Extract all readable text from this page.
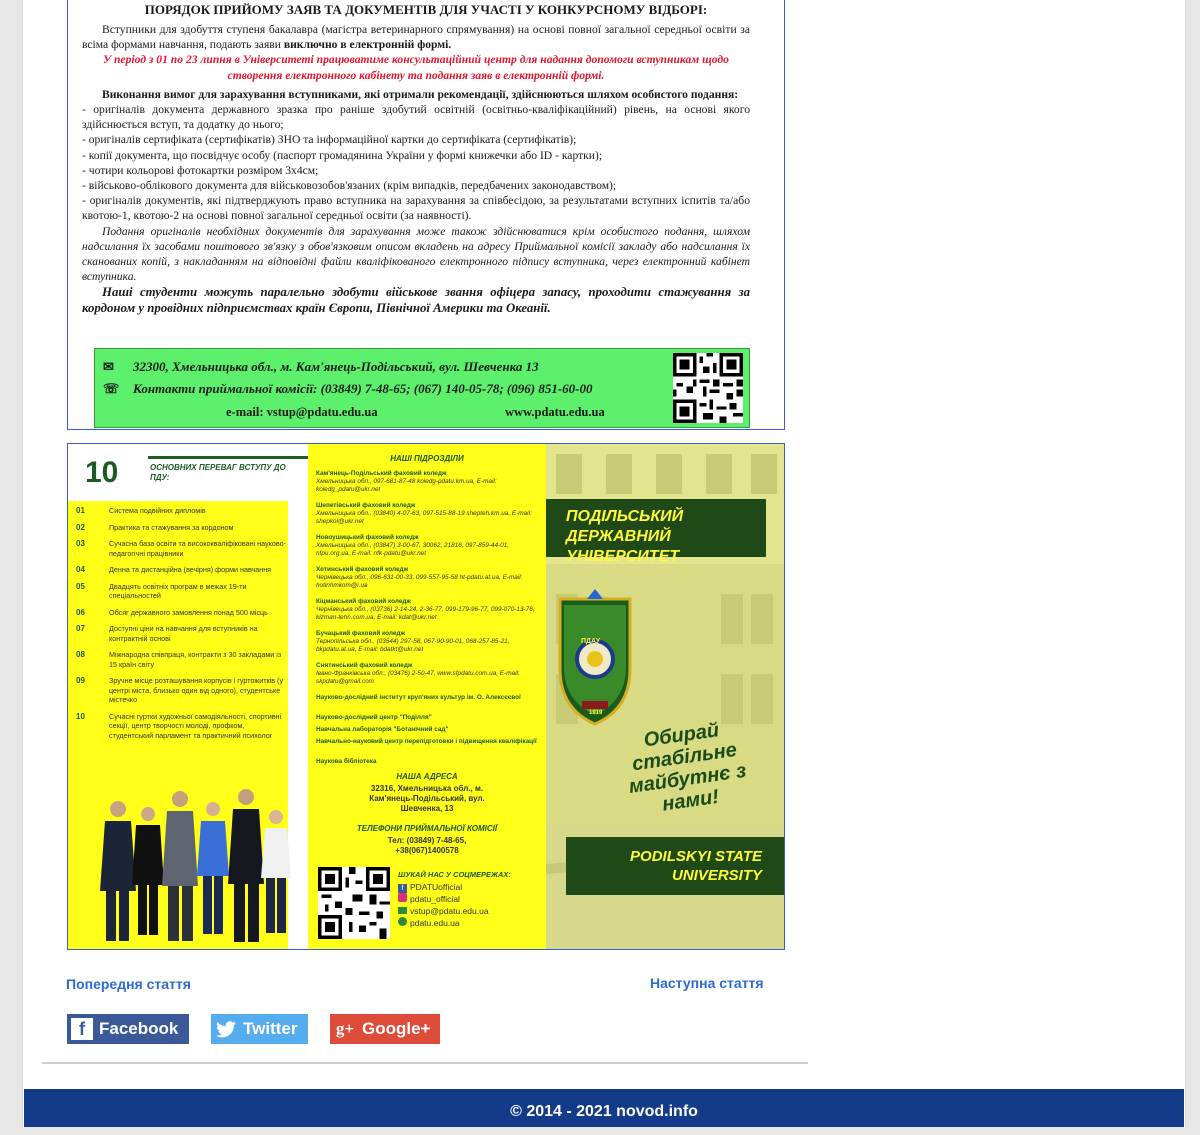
ПОРЯДОК ПРИЙОМУ ЗАЯВ ТА ДОКУМЕНТІВ ДЛЯ УЧАСТІ У КОНКУРСНОМУ ВІДБОРІ:
Вступники для здобуття ступеня бакалавра (магістра ветеринарного спрямування) на основі повної загальної середньої освіти за всіма формами навчання, подають заяви виключно в електронній формі.
У період з 01 по 23 липня в Університеті працюватиме консультаційний центр для надання допомоги вступникам щодо створення електронного кабінету та подання заяв в електронній формі.
Виконання вимог для зарахування вступниками, які отримали рекомендації, здійснюються шляхом особистого подання:
- оригіналів документа державного зразка про раніше здобутий освітній (освітньо-кваліфікаційний) рівень, на основі якого здійснюється вступ, та додатку до нього;
- оригіналів сертифіката (сертифікатів) ЗНО та інформаційної картки до сертифіката (сертифікатів);
- копії документа, що посвідчує особу (паспорт громадянина України у формі книжечки або ID - картки);
- чотири кольорові фотокартки розміром 3х4см;
- військово-облікового документа для військовозобов'язаних (крім випадків, передбачених законодавством);
- оригіналів документів, які підтверджують право вступника на зарахування за співбесідою, за результатами вступних іспитів та/або квотою-1, квотою-2 на основі повної загальної середньої освіти (за наявності).
Подання оригіналів необхідних документів для зарахування може також здійснюватися крім особистого подання, шляхом надсилання їх засобами поштового зв'язку з обов'язковим описом вкладень на адресу Приймальної комісії закладу або надсилання їх сканованих копій, з накладанням на відповідні файли кваліфікованого електронного підпису вступника, через електронний кабінет вступника.
Наші студенти можуть паралельно здобути військове звання офіцера запасу, проходити стажування за кордоном у провідних підприємствах країн Європи, Північної Америки та Океанії.
✉ 32300, Хмельницька обл., м. Кам'янець-Подільський, вул. Шевченка 13
☏ Контакти приймальної комісії: (03849) 7-48-65; (067) 140-05-78; (096) 851-60-00
e-mail: vstup@pdatu.edu.ua	www.pdatu.edu.ua
10	ОСНОВНИХ ПЕРЕВАГ ВСТУПУ ДО ПДУ:
01	Система подвійних дипломів
02	Практика та стажування за кордоном
03	Сучасна база освіти та висококваліфіковані науково-педагогічні працівники
04	Денна та дистанційна (вечірня) форми навчання
05	Двадцять освітніх програм в межах 19-ти спеціальностей
06	Обсяг державного замовлення понад 500 місць
07	Доступні ціни на навчання для вступників на контрактній основі
08	Міжнародна співпраця, контракти з 30 закладами із 15 країн світу
09	Зручне місце розташування корпусів і гуртожитків (у центрі міста, близько один від одного), студентське містечко
10	Сучасні гуртки художньої самодіяльності, спортивні секції, центр творчості молоді, профком, студентський парламент та практичний психолог
НАШІ ПІДРОЗДІЛИ
Кам'янець-Подільський фаховий коледж
Хмельницька обл., 097-681-87-48 koledg-pdatu.km.ua, E-mail: koledg_pdatu@ukr.net
Шепетівський фаховий коледж
Хмельницька обл., (03840) 4-07-63, 097-515-88-19 shepteh.km.ua, E-mail: shepkol@ukr.net
Новоушицький фаховий коледж
Хмельницька обл., (03847) 3-00-67, 30062, 21816, 097-859-44-01, nfpu.org.ua, E-mail: nfk-pdatu@ukr.net
Хотинський фаховий коледж
Чернівецька обл., 096-631-00-33, 099-557-95-58 ht-pdatu.at.ua, E-mail: hotinhmkom@i.ua
Кіцманський фаховий коледж
Чернівецька обл., (03736) 2-14-24, 2-36-77, 099-179-96-77, 099-070-13-76, kizman-tehn.com.ua, E-mail: kdat@ukr.net
Бучацький фаховий коледж
Тернопільська обл., (03544) 297-58, 067-90-90-01, 068-257-85-21, bkpdatu.at.ua, E-mail: bdatkt@ukr.net
Снятинський фаховий коледж
Івано-Франківська обл., (03476) 2-50-47, www.sfpdatu.com.ua, E-mail: skpdatu@gmail.com
Науково-дослідний інститут круп'яних культур ім. О. Алексєєвої
Науково-дослідний центр "Поділля"
Навчальна лабораторія "Ботанічний сад"
Навчально-науковий центр перепідготовки і підвищення кваліфікації
Наукова бібліотека
НАША АДРЕСА
32316, Хмельницька обл., м. Кам'янець-Подільський, вул. Шевченка, 13
ТЕЛЕФОНИ ПРИЙМАЛЬНОЇ КОМІСІЇ
Тел: (03849) 7-48-65, +38(067)1400578
ШУКАЙ НАС У СОЦМЕРЕЖАХ:
f PDATUofficial
pdatu_official
vstup@pdatu.edu.ua
pdatu.edu.ua
ПОДІЛЬСЬКИЙ ДЕРЖАВНИЙ УНІВЕРСИТЕТ
ПДАУ
1919
Обирай стабільне майбутнє з нами!
PODILSKYI STATE UNIVERSITY
Попередня стаття	Наступна стаття
f Facebook	Twitter g+ Google+
© 2014 - 2021 novod.info
